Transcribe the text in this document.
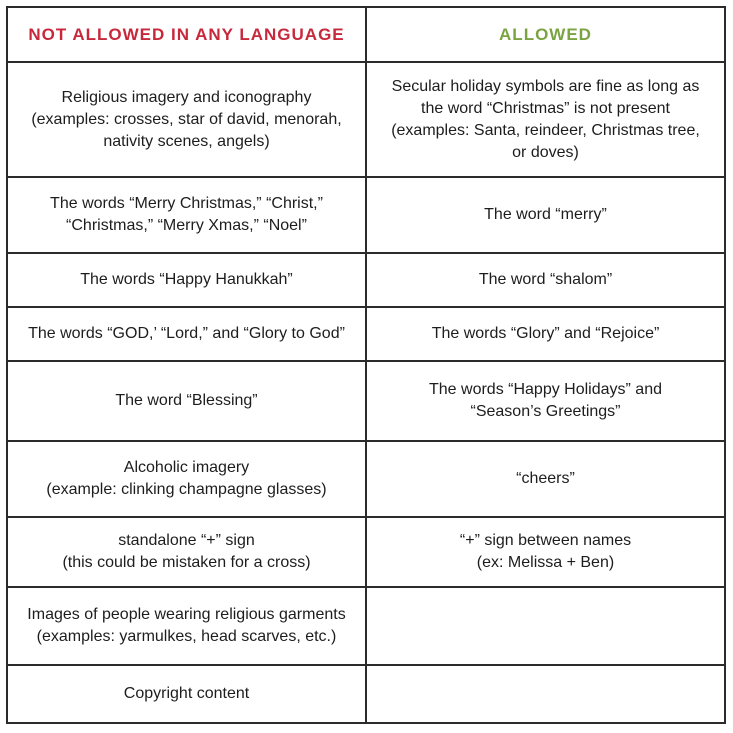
NOT ALLOWED IN ANY LANGUAGE	ALLOWED

Religious imagery and iconography
(examples: crosses, star of david, menorah,
nativity scenes, angels)	Secular holiday symbols are fine as long as
the word “Christmas” is not present
(examples: Santa, reindeer, Christmas tree,
or doves)

The words “Merry Christmas,” “Christ,”
“Christmas,” “Merry Xmas,” “Noel”	The word “merry”

The words “Happy Hanukkah”	The word “shalom”

The words “GOD,’ “Lord,” and “Glory to God”	The words “Glory” and “Rejoice”

The word “Blessing”	The words “Happy Holidays” and
“Season’s Greetings”

Alcoholic imagery
(example: clinking champagne glasses)	“cheers”

standalone “+” sign
(this could be mistaken for a cross)	“+” sign between names
(ex: Melissa + Ben)

Images of people wearing religious garments
(examples: yarmulkes, head scarves, etc.)	

Copyright content	
